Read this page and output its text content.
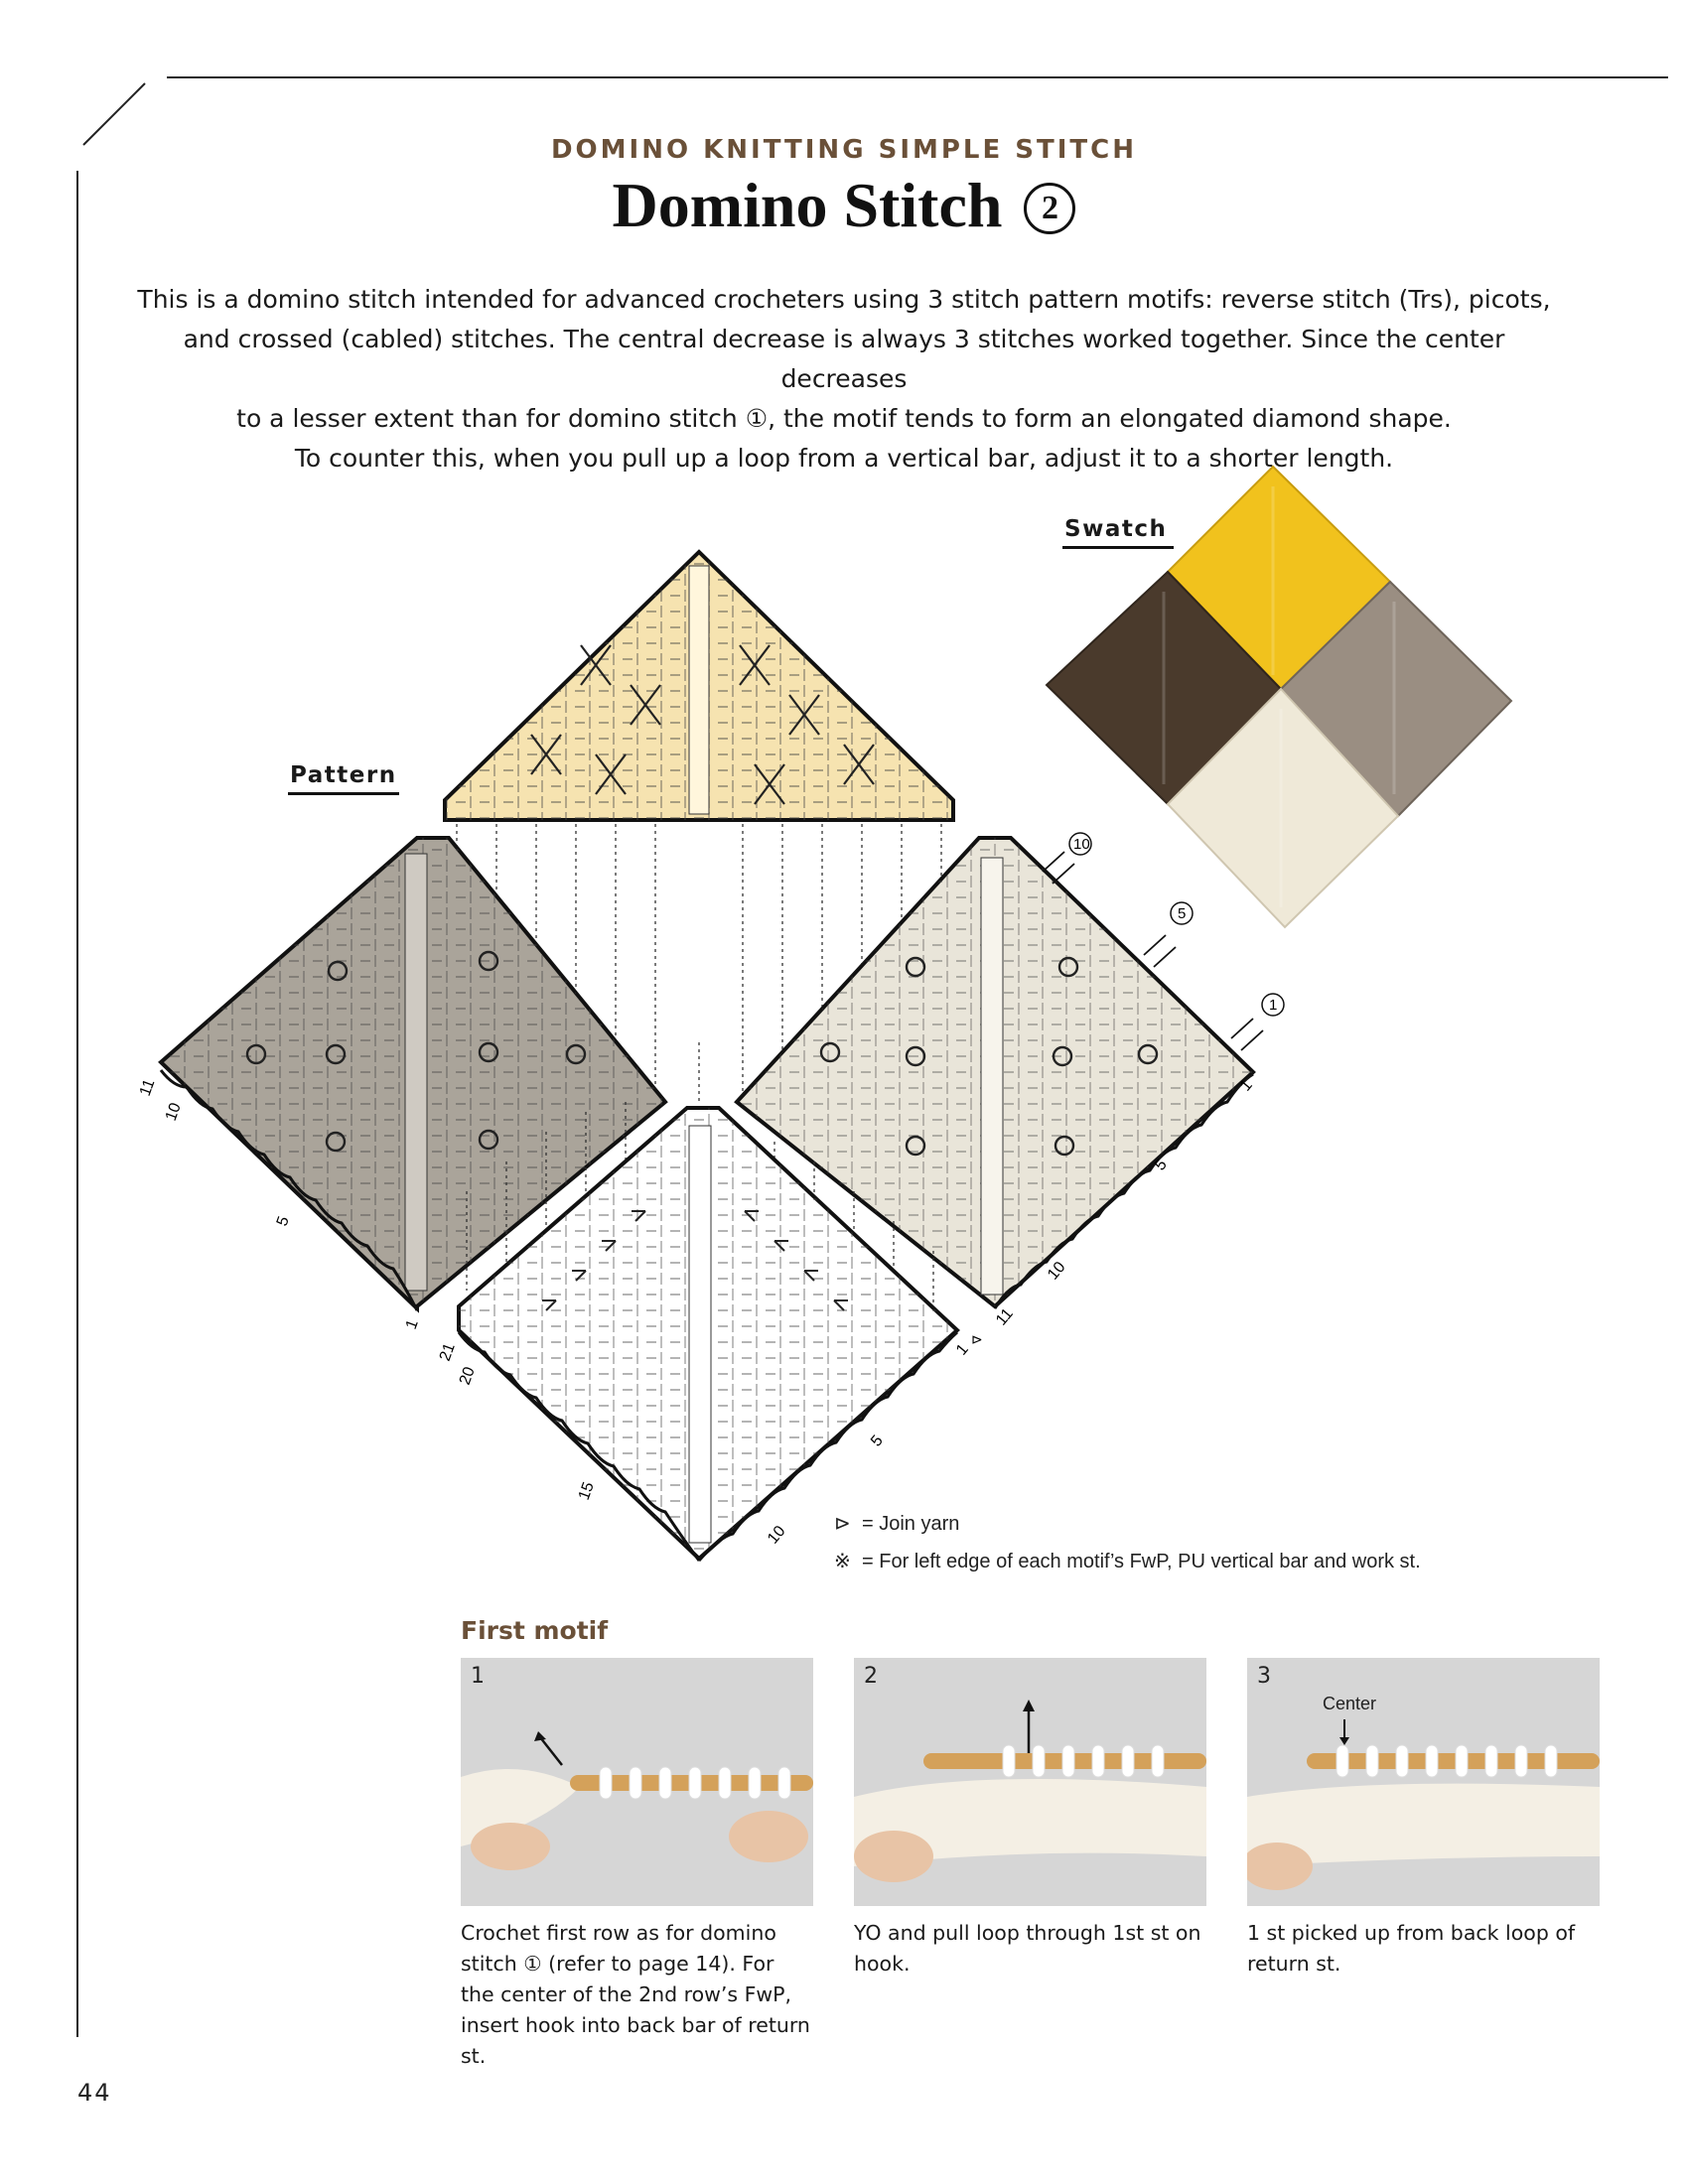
DOMINO KNITTING SIMPLE STITCH
Domino Stitch 2
This is a domino stitch intended for advanced crocheters using 3 stitch pattern motifs: reverse stitch (Trs), picots,
and crossed (cabled) stitches. The central decrease is always 3 stitches worked together. Since the center decreases
to a lesser extent than for domino stitch ①, the motif tends to form an elongated diamond shape.
To counter this, when you pull up a loop from a vertical bar, adjust it to a shorter length.
Swatch
Pattern
11
10
5
1
1
5
10
11
10
5
1
21
20
15
10
5
1
⊳
⊳ = Join yarn
※ = For left edge of each motif’s FwP, PU vertical bar and work st.
First motif
1
Crochet first row as for domino stitch ① (refer to page 14). For the center of the 2nd row’s FwP, insert hook into back bar of return st.
2
YO and pull loop through 1st st on hook.
3
Center
1 st picked up from back loop of return st.
44
